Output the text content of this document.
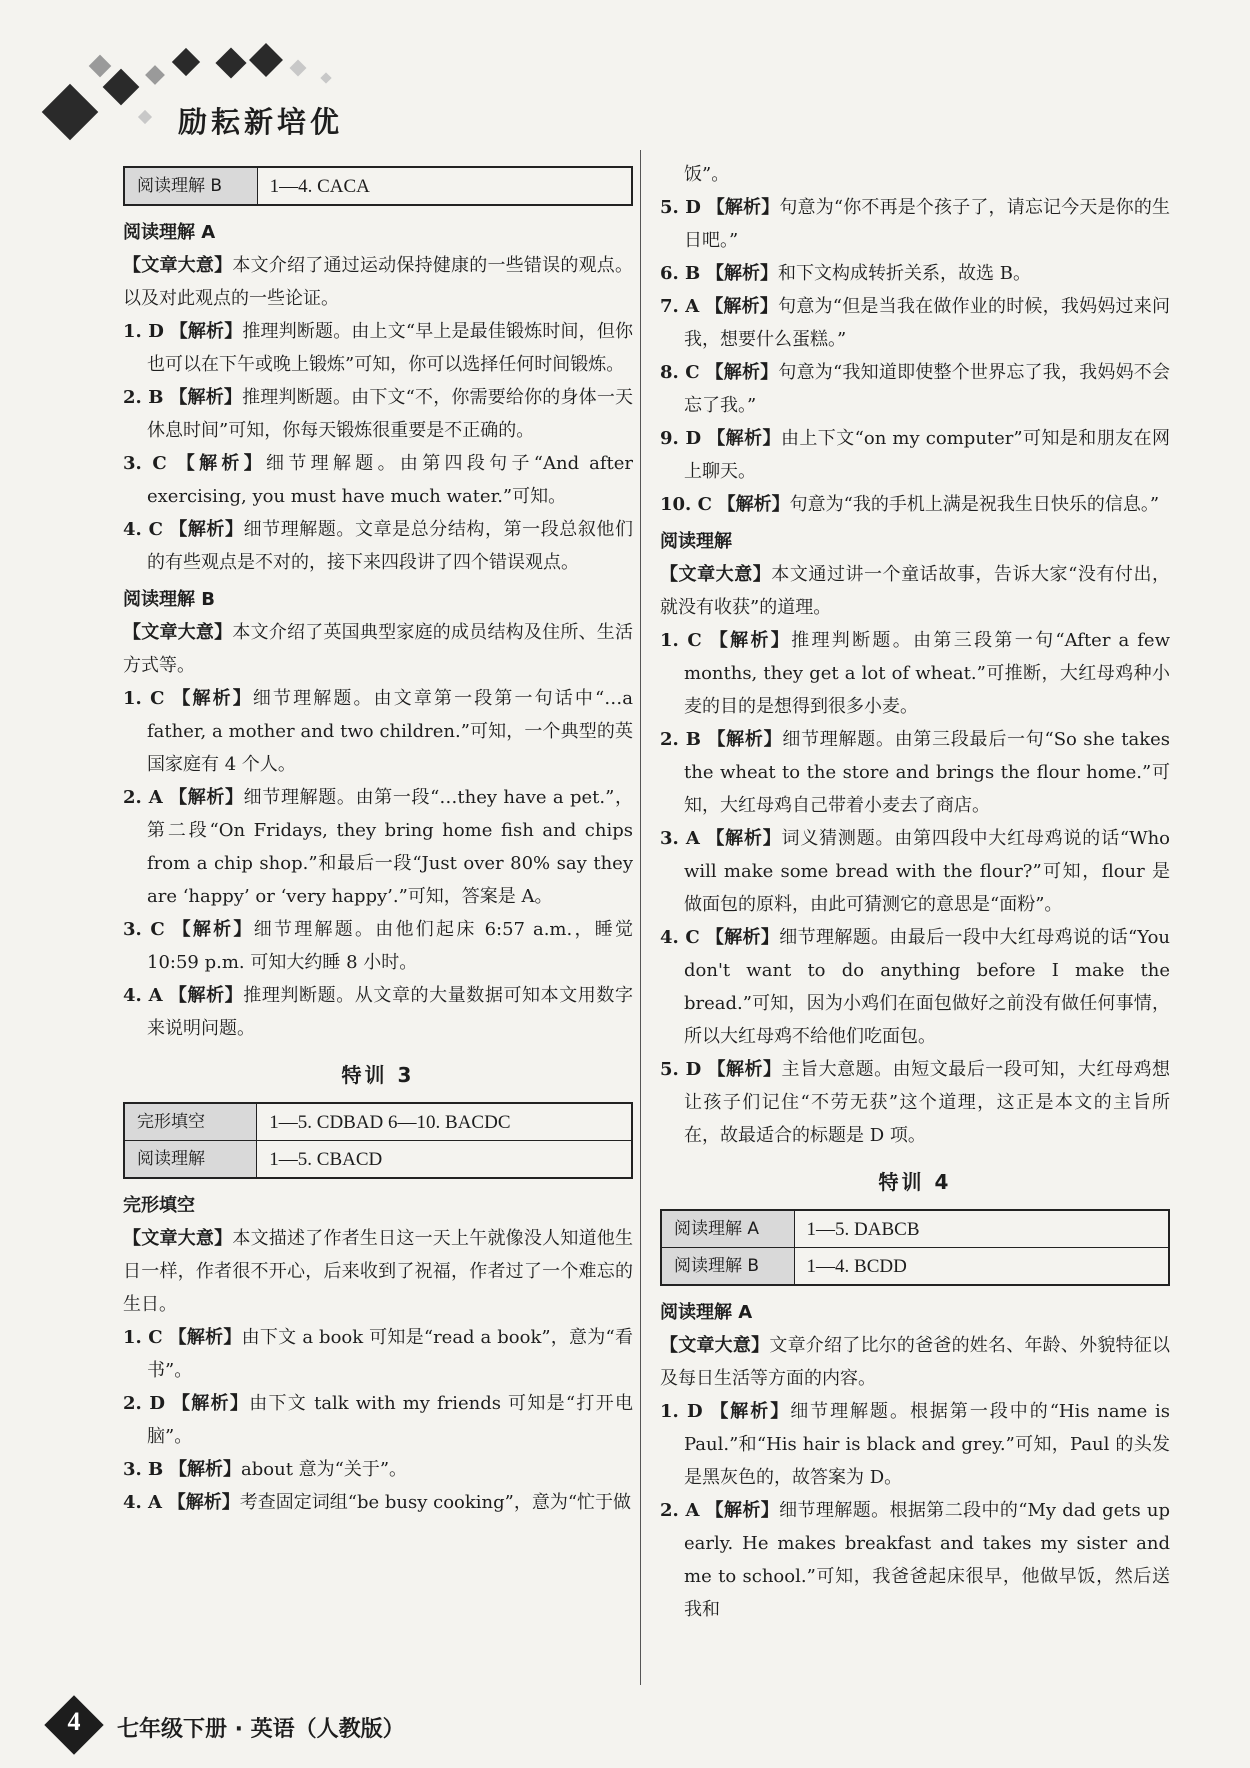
励耘新培优
阅读理解 B	1—4. CACA
阅读理解 A

【文章大意】本文介绍了通过运动保持健康的一些错误的观点。以及对此观点的一些论证。

1. D 【解析】推理判断题。由上文“早上是最佳锻炼时间，但你也可以在下午或晚上锻炼”可知，你可以选择任何时间锻炼。

2. B 【解析】推理判断题。由下文“不，你需要给你的身体一天休息时间”可知，你每天锻炼很重要是不正确的。

3. C 【解析】细节理解题。由第四段句子“And after exercising, you must have much water.”可知。

4. C 【解析】细节理解题。文章是总分结构，第一段总叙他们的有些观点是不对的，接下来四段讲了四个错误观点。

阅读理解 B

【文章大意】本文介绍了英国典型家庭的成员结构及住所、生活方式等。

1. C 【解析】细节理解题。由文章第一段第一句话中“…a father, a mother and two children.”可知，一个典型的英国家庭有 4 个人。

2. A 【解析】细节理解题。由第一段“…they have a pet.”，第二段“On Fridays, they bring home fish and chips from a chip shop.”和最后一段“Just over 80% say they are ‘happy’ or ‘very happy’.”可知，答案是 A。

3. C 【解析】细节理解题。由他们起床 6:57 a.m.，睡觉 10:59 p.m. 可知大约睡 8 小时。

4. A 【解析】推理判断题。从文章的大量数据可知本文用数字来说明问题。

特训 3
完形填空	1—5. CDBAD 6—10. BACDC
阅读理解	1—5. CBACD
完形填空

【文章大意】本文描述了作者生日这一天上午就像没人知道他生日一样，作者很不开心，后来收到了祝福，作者过了一个难忘的生日。

1. C 【解析】由下文 a book 可知是“read a book”，意为“看书”。

2. D 【解析】由下文 talk with my friends 可知是“打开电脑”。

3. B 【解析】about 意为“关于”。

4. A 【解析】考查固定词组“be busy cooking”，意为“忙于做

饭”。

5. D 【解析】句意为“你不再是个孩子了，请忘记今天是你的生日吧。”

6. B 【解析】和下文构成转折关系，故选 B。

7. A 【解析】句意为“但是当我在做作业的时候，我妈妈过来问我，想要什么蛋糕。”

8. C 【解析】句意为“我知道即使整个世界忘了我，我妈妈不会忘了我。”

9. D 【解析】由上下文“on my computer”可知是和朋友在网上聊天。

10. C 【解析】句意为“我的手机上满是祝我生日快乐的信息。”

阅读理解

【文章大意】本文通过讲一个童话故事，告诉大家“没有付出，就没有收获”的道理。

1. C 【解析】推理判断题。由第三段第一句“After a few months, they get a lot of wheat.”可推断，大红母鸡种小麦的目的是想得到很多小麦。

2. B 【解析】细节理解题。由第三段最后一句“So she takes the wheat to the store and brings the flour home.”可知，大红母鸡自己带着小麦去了商店。

3. A 【解析】词义猜测题。由第四段中大红母鸡说的话“Who will make some bread with the flour?”可知，flour 是做面包的原料，由此可猜测它的意思是“面粉”。

4. C 【解析】细节理解题。由最后一段中大红母鸡说的话“You don't want to do anything before I make the bread.”可知，因为小鸡们在面包做好之前没有做任何事情，所以大红母鸡不给他们吃面包。

5. D 【解析】主旨大意题。由短文最后一段可知，大红母鸡想让孩子们记住“不劳无获”这个道理，这正是本文的主旨所在，故最适合的标题是 D 项。

特训 4
阅读理解 A	1—5. DABCB
阅读理解 B	1—4. BCDD
阅读理解 A

【文章大意】文章介绍了比尔的爸爸的姓名、年龄、外貌特征以及每日生活等方面的内容。

1. D 【解析】细节理解题。根据第一段中的“His name is Paul.”和“His hair is black and grey.”可知，Paul 的头发是黑灰色的，故答案为 D。

2. A 【解析】细节理解题。根据第二段中的“My dad gets up early. He makes breakfast and takes my sister and me to school.”可知，我爸爸起床很早，他做早饭，然后送我和

4	七年级下册 · 英语（人教版）
